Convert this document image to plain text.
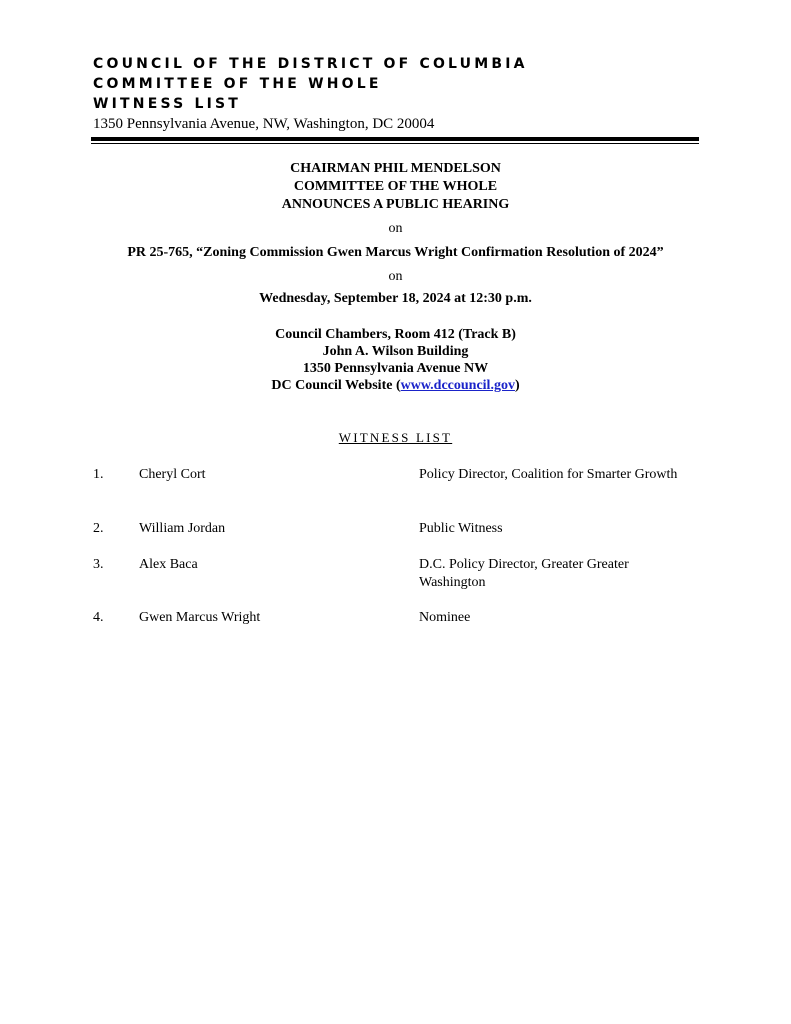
COUNCIL OF THE DISTRICT OF COLUMBIA
COMMITTEE OF THE WHOLE
WITNESS LIST
1350 Pennsylvania Avenue, NW, Washington, DC 20004
CHAIRMAN PHIL MENDELSON
COMMITTEE OF THE WHOLE
ANNOUNCES A PUBLIC HEARING
on
PR 25-765, “Zoning Commission Gwen Marcus Wright Confirmation Resolution of 2024”
on
Wednesday, September 18, 2024 at 12:30 p.m.
Council Chambers, Room 412 (Track B)
John A. Wilson Building
1350 Pennsylvania Avenue NW
DC Council Website (www.dccouncil.gov)
WITNESS LIST
1.	Cheryl Cort	Policy Director, Coalition for Smarter Growth
2.	William Jordan	Public Witness
3.	Alex Baca	D.C. Policy Director, Greater Greater Washington
4.	Gwen Marcus Wright	Nominee
